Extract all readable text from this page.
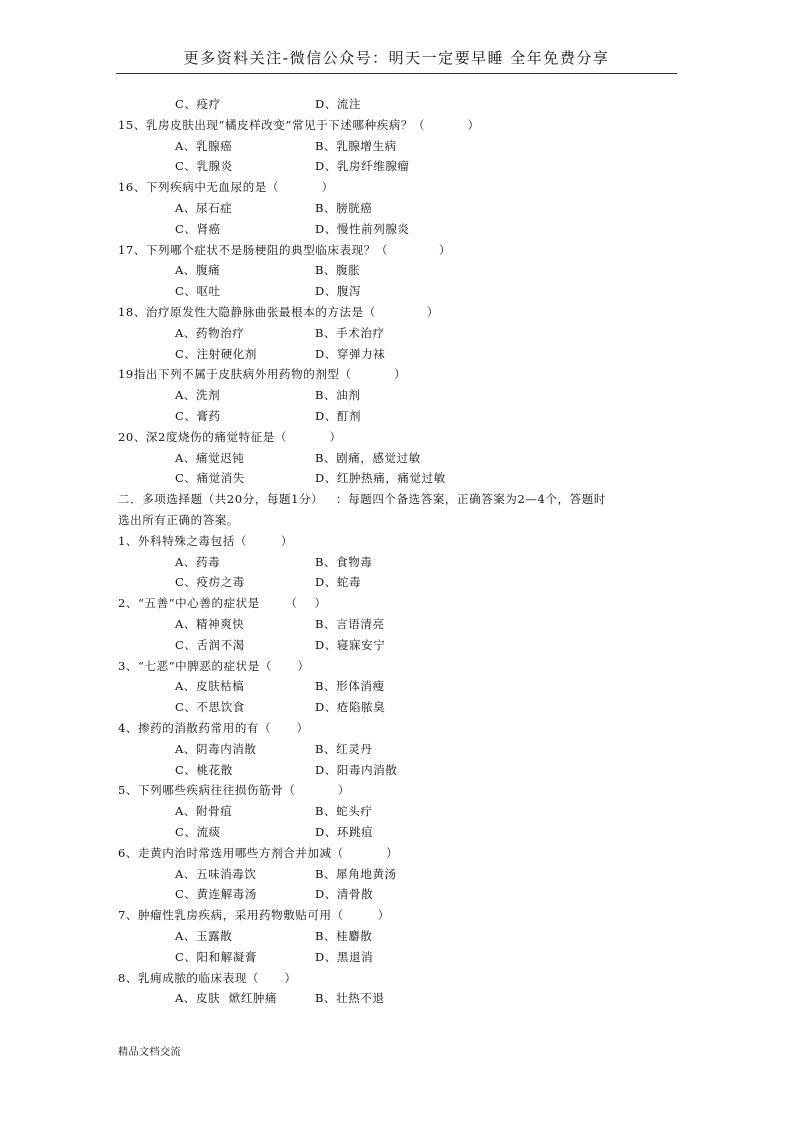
更多资料关注-微信公众号：明天一定要早睡 全年免费分享
C、疫疗	D、流注
15、乳房皮肤出现“橘皮样改变”常见于下述哪种疾病？（          ）
A、乳腺癌	B、乳腺增生病
C、乳腺炎	D、乳房纤维腺瘤
16、下列疾病中无血尿的是（          ）
A、尿石症	B、膀胱癌
C、肾癌	D、慢性前列腺炎
17、下列哪个症状不是肠梗阻的典型临床表现？（            ）
A、腹痛	B、腹胀
C、呕吐	D、腹泻
18、治疗原发性大隐静脉曲张最根本的方法是（            ）
A、药物治疗	B、手术治疗
C、注射硬化剂	D、穿弹力袜
19指出下列不属于皮肤病外用药物的剂型（          ）
A、洗剂	B、油剂
C、膏药	D、酊剂
20、深2度烧伤的痛觉特征是（          ）
A、痛觉迟钝	B、剧痛，感觉过敏
C、痛觉消失	D、红肿热痛，痛觉过敏
二．多项选择题（共20分，每题1分）   ：每题四个备选答案，正确答案为2—4个，答题时
选出所有正确的答案。
1、外科特殊之毒包括（        ）
A、药毒	B、食物毒
C、疫疠之毒	D、蛇毒
2、“五善”中心善的症状是      （    ）
A、精神爽快	B、言语清亮
C、舌润不渴	D、寝寐安宁
3、“七恶”中脾恶的症状是（      ）
A、皮肤枯槁	B、形体消瘦
C、不思饮食	D、疮陷脓臭
4、掺药的消散药常用的有（      ）
A、阴毒内消散	B、红灵丹
C、桃花散	D、阳毒内消散
5、下列哪些疾病往往损伤筋骨（          ）
A、附骨疽	B、蛇头疔
C、流痰	D、环跳疽
6、走黄内治时常选用哪些方剂合并加减（          ）
A、五味消毒饮	B、犀角地黄汤
C、黄连解毒汤	D、清骨散
7、肿瘤性乳房疾病，采用药物敷贴可用（        ）
A、玉露散	B、桂麝散
C、阳和解凝膏	D、黑退消
8、乳痈成脓的临床表现（      ）
A、皮肤  焮红肿痛	B、壮热不退
精品文档交流
